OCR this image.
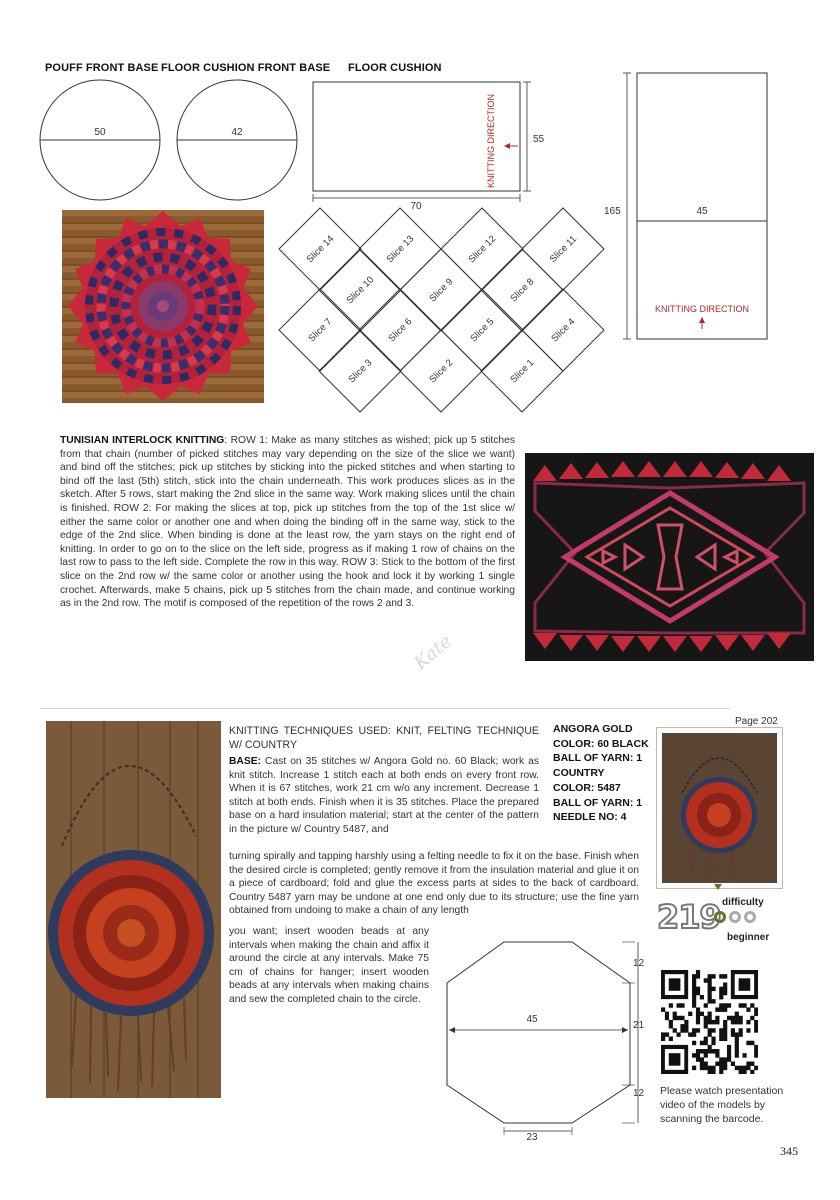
POUFF FRONT BASE FLOOR CUSHION FRONT BASE FLOOR CUSHION
50	42
55
70
KNITTING DIRECTION
165	45
KNITTING DIRECTION
Slice 14	Slice 13	Slice 12	Slice 11
Slice 10	Slice 9	Slice 8
Slice 7	Slice 6	Slice 5	Slice 4
Slice 3	Slice 2	Slice 1
TUNISIAN INTERLOCK KNITTING: ROW 1: Make as many stitches as wished; pick up 5 stitches from that chain (number of picked stitches may vary depending on the size of the slice we want) and bind off the stitches; pick up stitches by sticking into the picked stitches and when starting to bind off the last (5th) stitch, stick into the chain underneath. This work produces slices as in the sketch. After 5 rows, start making the 2nd slice in the same way. Work making slices until the chain is finished. ROW 2: For making the slices at top, pick up stitches from the top of the 1st slice w/ either the same color or another one and when doing the binding off in the same way, stick to the edge of the 2nd slice. When binding is done at the least row, the yarn stays on the right end of knitting. In order to go on to the slice on the left side, progress as if making 1 row of chains on the last row to pass to the left side. Complete the row in this way. ROW 3: Stick to the bottom of the first slice on the 2nd row w/ the same color or another using the hook and lock it by working 1 single crochet. Afterwards, make 5 chains, pick up 5 stitches from the chain made, and continue working as in the 2nd row. The motif is composed of the repetition of the rows 2 and 3.
Kate
KNITTING TECHNIQUES USED: KNIT, FELTING TECHNIQUE W/ COUNTRY
BASE: Cast on 35 stitches w/ Angora Gold no. 60 Black; work as knit stitch. Increase 1 stitch each at both ends on every front row. When it is 67 stitches, work 21 cm w/o any increment. Decrease 1 stitch at both ends. Finish when it is 35 stitches. Place the prepared base on a hard insulation material; start at the center of the pattern in the picture w/ Country 5487, and
turning spirally and tapping harshly using a felting needle to fix it on the base. Finish when the desired circle is completed; gently remove it from the insulation material and glue it on a piece of cardboard; fold and glue the excess parts at sides to the back of cardboard. Country 5487 yarn may be undone at one end only due to its structure; use the fine yarn obtained from undoing to make a chain of any length
you want; insert wooden beads at any intervals when making the chain and affix it around the circle at any intervals. Make 75 cm of chains for hanger; insert wooden beads at any intervals when making chains and sew the completed chain to the circle.
ANGORA GOLD
COLOR: 60 BLACK
BALL OF YARN: 1
COUNTRY
COLOR: 5487
BALL OF YARN: 1
NEEDLE NO: 4
Page 202
219 difficulty
beginner
45
12
21
12
23
Please watch presentation video of the models by scanning the barcode.
345
